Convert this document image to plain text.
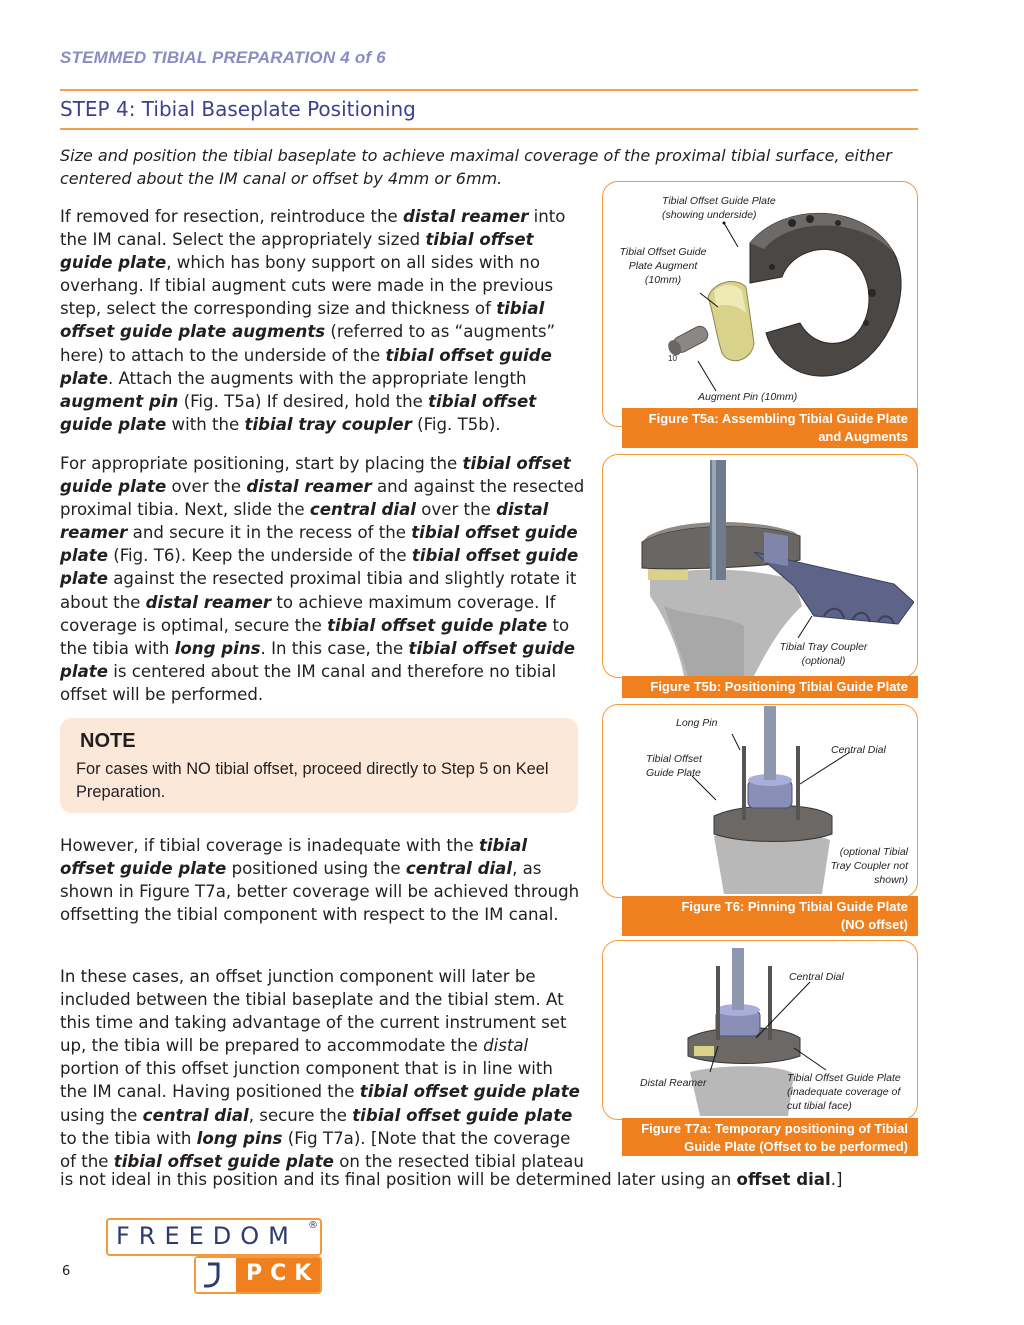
STEMMED TIBIAL PREPARATION 4 of 6
STEP 4: Tibial Baseplate Positioning
Size and position the tibial baseplate to achieve maximal coverage of the proximal tibial surface, either centered about the IM canal or offset by 4mm or 6mm.
If removed for resection, reintroduce the distal reamer into the IM canal. Select the appropriately sized tibial offset guide plate, which has bony support on all sides with no overhang. If tibial augment cuts were made in the previous step, select the corresponding size and thickness of tibial offset guide plate augments (referred to as “augments” here) to attach to the underside of the tibial offset guide plate. Attach the augments with the appropriate length augment pin (Fig. T5a) If desired, hold the tibial offset guide plate with the tibial tray coupler (Fig. T5b).
For appropriate positioning, start by placing the tibial offset guide plate over the distal reamer and against the resected proximal tibia. Next, slide the central dial over the distal reamer and secure it in the recess of the tibial offset guide plate (Fig. T6). Keep the underside of the tibial offset guide plate against the resected proximal tibia and slightly rotate it about the distal reamer to achieve maximum coverage. If coverage is optimal, secure the tibial offset guide plate to the tibia with long pins. In this case, the tibial offset guide plate is centered about the IM canal and therefore no tibial offset will be performed.
NOTE
For cases with NO tibial offset, proceed directly to Step 5 on Keel Preparation.
However, if tibial coverage is inadequate with the tibial offset guide plate positioned using the central dial, as shown in Figure T7a, better coverage will be achieved through offsetting the tibial component with respect to the IM canal.
In these cases, an offset junction component will later be included between the tibial baseplate and the tibial stem. At this time and taking advantage of the current instrument set up, the tibia will be prepared to accommodate the distal portion of this offset junction component that is in line with the IM canal. Having positioned the tibial offset guide plate using the central dial, secure the tibial offset guide plate to the tibia with long pins (Fig T7a). [Note that the coverage of the tibial offset guide plate on the resected tibial plateau
is not ideal in this position and its final position will be determined later using an offset dial.]
10
Tibial Offset Guide Plate
(showing underside)
Tibial Offset Guide
Plate Augment
(10mm)
Augment Pin (10mm)
Figure T5a: Assembling Tibial Guide Plate
and Augments
Tibial Tray Coupler
(optional)
Figure T5b: Positioning Tibial Guide Plate
Long Pin
Tibial Offset
Guide Plate
Central Dial
(optional Tibial
Tray Coupler not
shown)
Figure T6: Pinning Tibial Guide Plate
(NO offset)
Central Dial
Distal Reamer	Tibial Offset Guide Plate
(inadequate coverage of
cut tibial face)
Figure T7a: Temporary positioning of Tibial
Guide Plate (Offset to be performed)
FREEDOM ®
PCK
6
